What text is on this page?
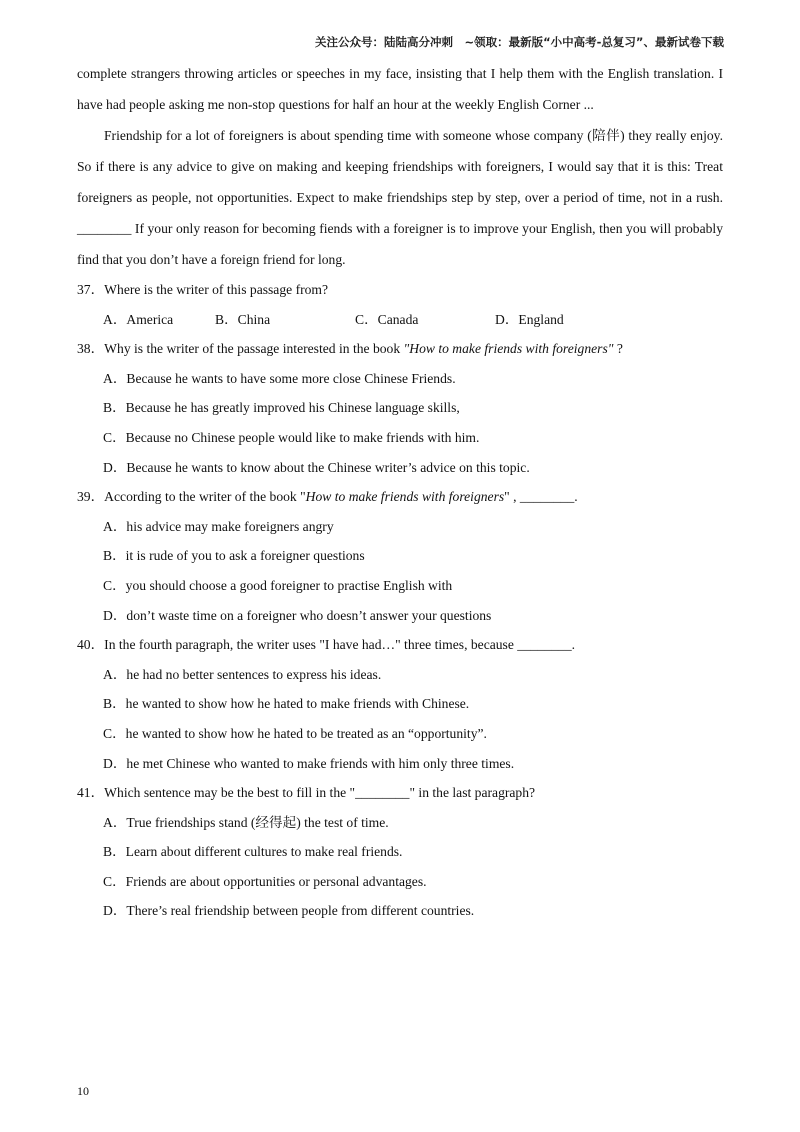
关注公众号：陆陆高分冲刺　~领取：最新版“小中高考-总复习”、最新试卷下载

complete strangers throwing articles or speeches in my face, insisting that I help them with the English translation. I have had people asking me non-stop questions for half an hour at the weekly English Corner ...

Friendship for a lot of foreigners is about spending time with someone whose company (陪伴) they really enjoy. So if there is any advice to give on making and keeping friendships with foreigners, I would say that it is this: Treat foreigners as people, not opportunities. Expect to make friendships step by step, over a period of time, not in a rush. ________ If your only reason for becoming fiends with a foreigner is to improve your English, then you will probably find that you don’t have a foreign friend for long.

37．Where is the writer of this passage from?
A．America	B．China	C．Canada	D．England
38．Why is the writer of the passage interested in the book "How to make friends with foreigners" ?
A．Because he wants to have some more close Chinese Friends.
B．Because he has greatly improved his Chinese language skills,
C．Because no Chinese people would like to make friends with him.
D．Because he wants to know about the Chinese writer’s advice on this topic.
39．According to the writer of the book "How to make friends with foreigners" , ________.
A．his advice may make foreigners angry
B．it is rude of you to ask a foreigner questions
C．you should choose a good foreigner to practise English with
D．don’t waste time on a foreigner who doesn’t answer your questions
40．In the fourth paragraph, the writer uses "I have had…" three times, because ________.
A．he had no better sentences to express his ideas.
B．he wanted to show how he hated to make friends with Chinese.
C．he wanted to show how he hated to be treated as an “opportunity”.
D．he met Chinese who wanted to make friends with him only three times.
41．Which sentence may be the best to fill in the "________" in the last paragraph?
A．True friendships stand (经得起) the test of time.
B．Learn about different cultures to make real friends.
C．Friends are about opportunities or personal advantages.
D．There’s real friendship between people from different countries.
10
